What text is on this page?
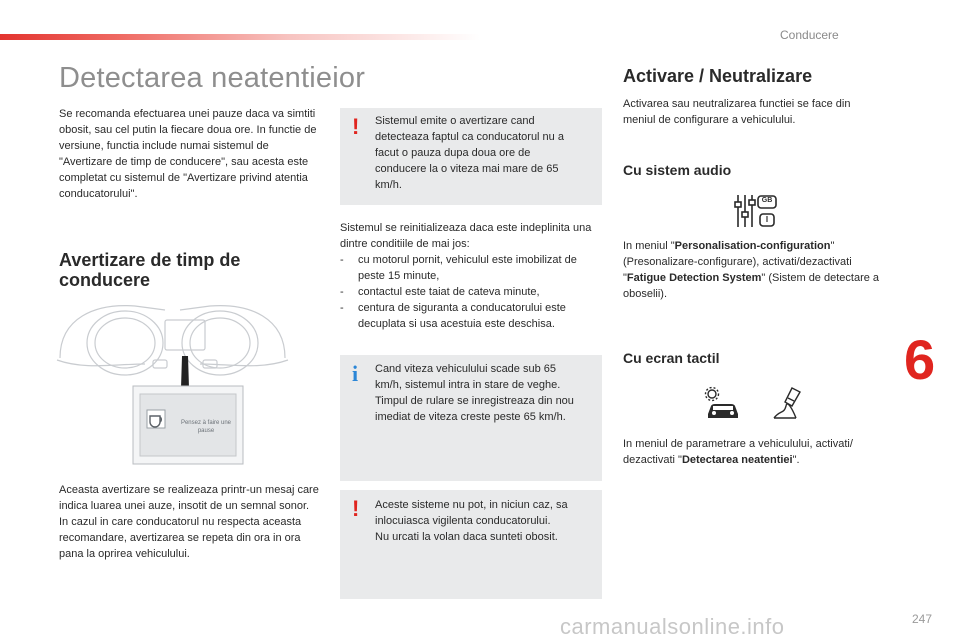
Conducere
Detectarea neatentieior
Se recomanda efectuarea unei pauze daca va simtiti obosit, sau cel putin la fiecare doua ore. In functie de versiune, functia include numai sistemul de "Avertizare de timp de conducere", sau acesta este completat cu sistemul de "Avertizare privind atentia conducatorului".
Avertizare de timp de conducere
Pensez à faire une pause
Aceasta avertizare se realizeaza printr-un mesaj care indica luarea unei auze, insotit de un semnal sonor.
In cazul in care conducatorul nu respecta aceasta recomandare, avertizarea se repeta din ora in ora pana la oprirea vehiculului.
! Sistemul emite o avertizare cand detecteaza faptul ca conducatorul nu a facut o pauza dupa doua ore de conducere la o viteza mai mare de 65 km/h.
Sistemul se reinitializeaza daca este indeplinita una dintre conditiile de mai jos:
- cu motorul pornit, vehiculul este imobilizat de peste 15 minute,
- contactul este taiat de cateva minute,
- centura de siguranta a conducatorului este decuplata si usa acestuia este deschisa.
i Cand viteza vehiculului scade sub 65 km/h, sistemul intra in stare de veghe.
Timpul de rulare se inregistreaza din nou imediat de viteza creste peste 65 km/h.
! Aceste sisteme nu pot, in niciun caz, sa inlocuiasca vigilenta conducatorului.
Nu urcati la volan daca sunteti obosit.
Activare / Neutralizare
Activarea sau neutralizarea functiei se face din meniul de configurare a vehiculului.
Cu sistem audio
GB
I
In meniul "Personalisation-configuration" (Presonalizare-configurare), activati/dezactivati "Fatigue Detection System" (Sistem de detectare a oboselii).
Cu ecran tactil
In meniul de parametrare a vehiculului, activati/ dezactivati "Detectarea neatentiei".
6
carmanualsonline.info	247
